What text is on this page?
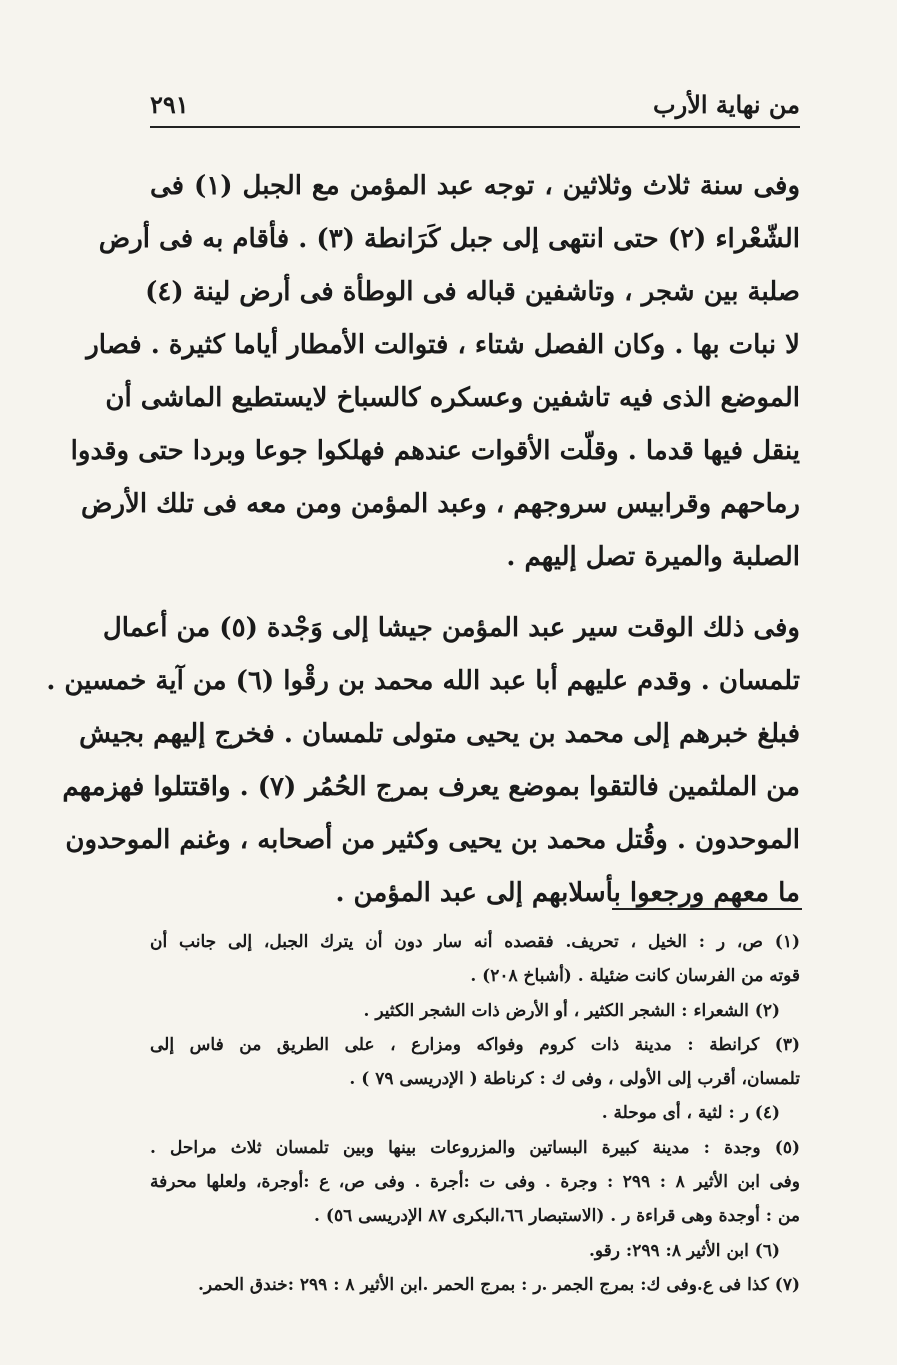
من نهاية الأرب
٢٩١
وفى سنة ثلاث وثلاثين ، توجه عبد المؤمن مع الجبل (١) فى
الشّعْراء (٢) حتى انتهى إلى جبل كَرَانطة (٣) . فأقام به فى أرض
صلبة بين شجر ، وتاشفين قباله فى الوطأة فى أرض لينة (٤)
لا نبات بها . وكان الفصل شتاء ، فتوالت الأمطار أياما كثيرة . فصار
الموضع الذى فيه تاشفين وعسكره كالسباخ لايستطيع الماشى أن
ينقل فيها قدما . وقلّت الأقوات عندهم فهلكوا جوعا وبردا حتى وقدوا
رماحهم وقرابيس سروجهم ، وعبد المؤمن ومن معه فى تلك الأرض
الصلبة والميرة تصل إليهم .
وفى ذلك الوقت سير عبد المؤمن جيشا إلى وَجْدة (٥) من أعمال
تلمسان . وقدم عليهم أبا عبد الله محمد بن رقْوا (٦) من آية خمسين .
فبلغ خبرهم إلى محمد بن يحيى متولى تلمسان . فخرج إليهم بجيش
من الملثمين فالتقوا بموضع يعرف بمرج الحُمُر (٧) . واقتتلوا فهزمهم
الموحدون . وقُتل محمد بن يحيى وكثير من أصحابه ، وغنم الموحدون
ما معهم ورجعوا بأسلابهم إلى عبد المؤمن .
(١) ص، ر : الخيل ، تحريف. فقصده أنه سار دون أن يترك الجبل، إلى جانب أن
قوته من الفرسان كانت ضئيلة . (أشباخ ٢٠٨) .
(٢) الشعراء : الشجر الكثير ، أو الأرض ذات الشجر الكثير .
(٣) كرانطة : مدينة ذات كروم وفواكه ومزارع ، على الطريق من فاس إلى
تلمسان، أقرب إلى الأولى ، وفى ك : كرناطة ( الإدريسى ٧٩ ) .
(٤) ر : لثية ، أى موحلة .
(٥) وجدة : مدينة كبيرة البساتين والمزروعات بينها وبين تلمسان ثلاث مراحل .
وفى ابن الأثير ٨ : ٢٩٩ : وجرة . وفى ت :أجرة . وفى ص، ع :أوجرة، ولعلها محرفة
من : أوجدة وهى قراءة ر . (الاستبصار ٦٦،البكرى ٨٧ الإدريسى ٥٦) .
(٦) ابن الأثير ٨: ٢٩٩: رقو.
(٧) كذا فى ع.وفى ك: بمرج الجمر .ر : بمرج الحمر .ابن الأثير ٨ : ٢٩٩ :خندق الحمر.
